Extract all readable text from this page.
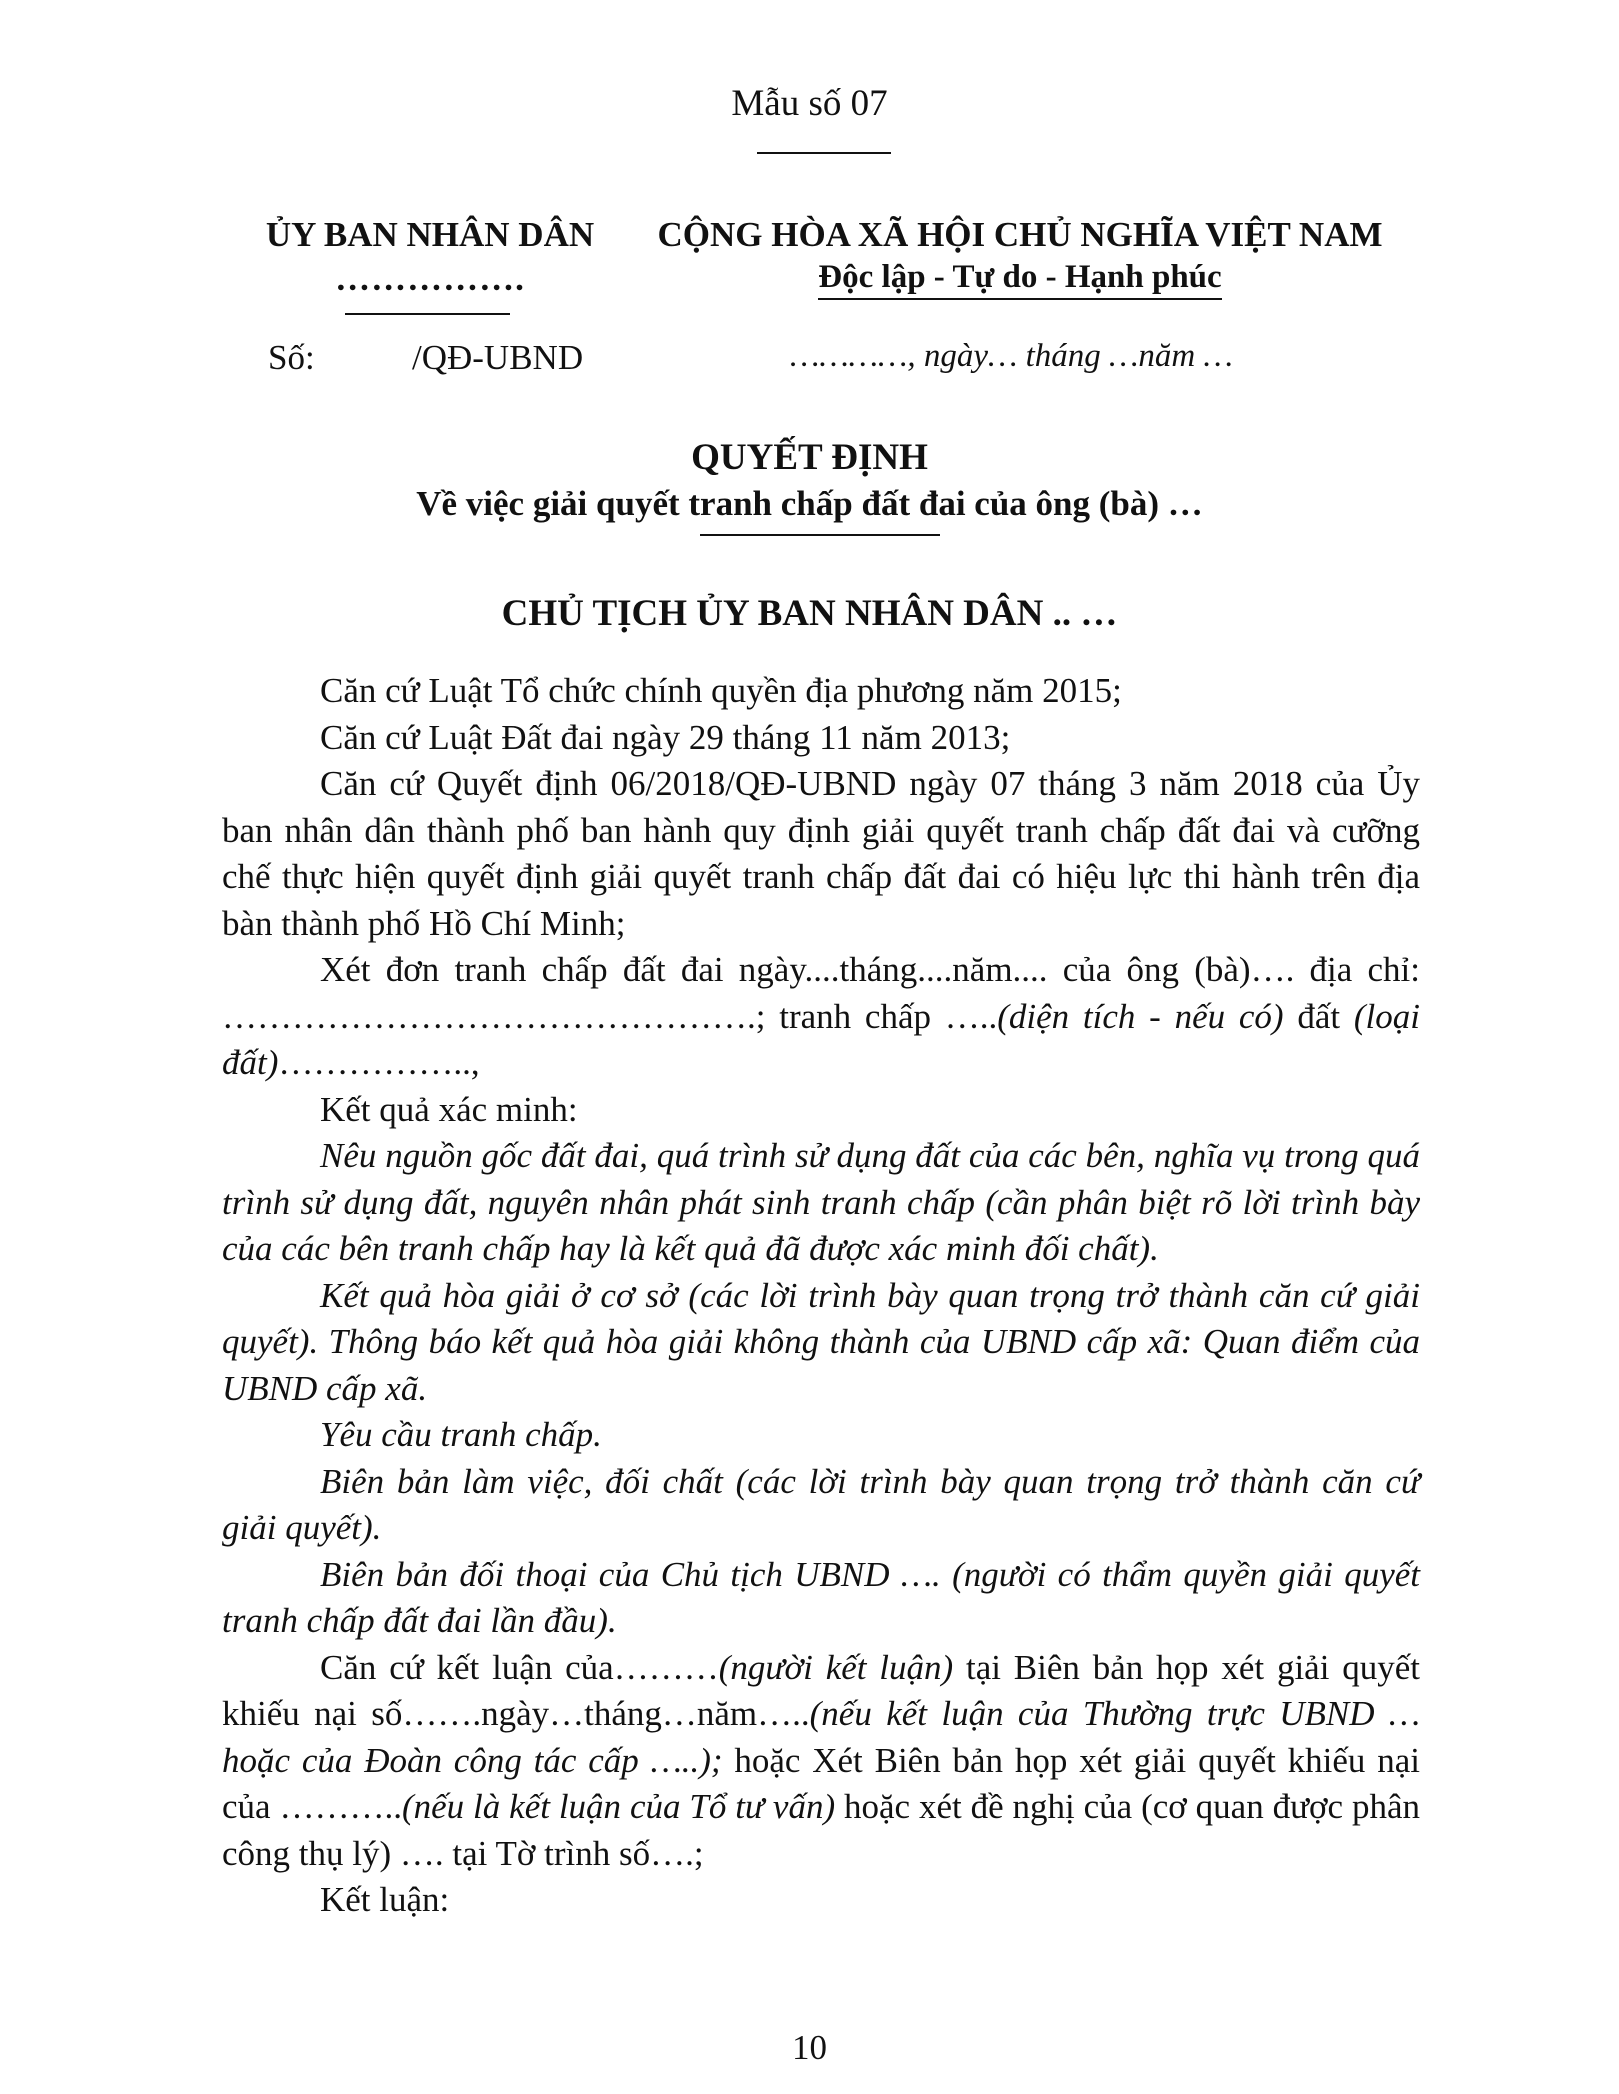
Mẫu số 07
ỦY BAN NHÂN DÂN
…………….
CỘNG HÒA XÃ HỘI CHỦ NGHĨA VIỆT NAM
Độc lập - Tự do - Hạnh phúc
Số:	/QĐ-UBND	…………, ngày… tháng …năm …
QUYẾT ĐỊNH
Về việc giải quyết tranh chấp đất đai của ông (bà) …
CHỦ TỊCH ỦY BAN NHÂN DÂN .. …

Căn cứ Luật Tổ chức chính quyền địa phương năm 2015;

Căn cứ Luật Đất đai ngày 29 tháng 11 năm 2013;

Căn cứ Quyết định 06/2018/QĐ-UBND ngày 07 tháng 3 năm 2018 của Ủy ban nhân dân thành phố ban hành quy định giải quyết tranh chấp đất đai và cưỡng chế thực hiện quyết định giải quyết tranh chấp đất đai có hiệu lực thi hành trên địa bàn thành phố Hồ Chí Minh;

Xét đơn tranh chấp đất đai ngày....tháng....năm.... của ông (bà)…. địa chỉ: ……………………………………….; tranh chấp …..(diện tích - nếu có) đất (loại đất)……………..,

Kết quả xác minh:

Nêu nguồn gốc đất đai, quá trình sử dụng đất của các bên, nghĩa vụ trong quá trình sử dụng đất, nguyên nhân phát sinh tranh chấp (cần phân biệt rõ lời trình bày của các bên tranh chấp hay là kết quả đã được xác minh đối chất).

Kết quả hòa giải ở cơ sở (các lời trình bày quan trọng trở thành căn cứ giải quyết). Thông báo kết quả hòa giải không thành của UBND cấp xã: Quan điểm của UBND cấp xã.

Yêu cầu tranh chấp.

Biên bản làm việc, đối chất (các lời trình bày quan trọng trở thành căn cứ giải quyết).

Biên bản đối thoại của Chủ tịch UBND …. (người có thẩm quyền giải quyết tranh chấp đất đai lần đầu).

Căn cứ kết luận của………(người kết luận) tại Biên bản họp xét giải quyết khiếu nại số…….ngày…tháng…năm…..(nếu kết luận của Thường trực UBND … hoặc của Đoàn công tác cấp …..); hoặc Xét Biên bản họp xét giải quyết khiếu nại của ………..(nếu là kết luận của Tổ tư vấn) hoặc xét đề nghị của (cơ quan được phân công thụ lý) …. tại Tờ trình số….;

Kết luận:

10
